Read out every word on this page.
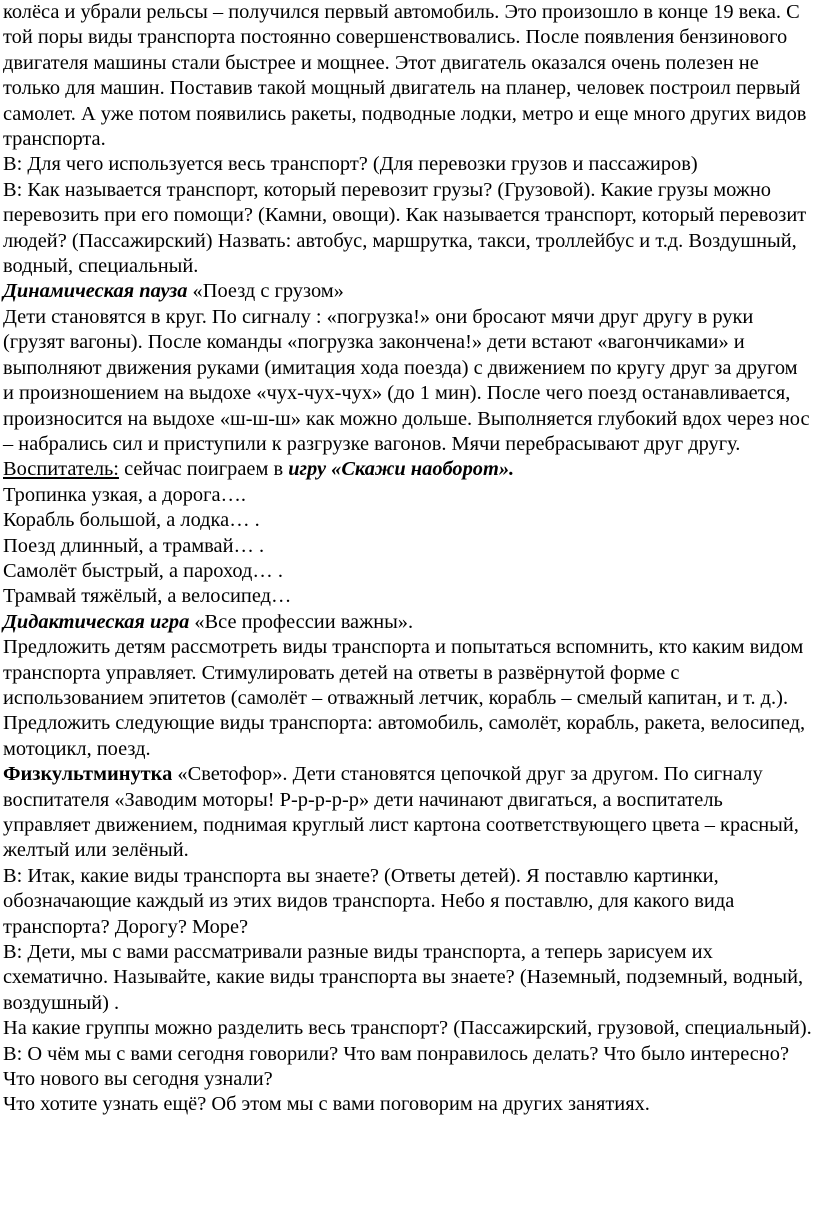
колёса и убрали рельсы – получился первый автомобиль. Это произошло в конце 19 века. С той поры виды транспорта постоянно совершенствовались. После появления бензинового двигателя машины стали быстрее и мощнее. Этот двигатель оказался очень полезен не только для машин. Поставив такой мощный двигатель на планер, человек построил первый самолет. А уже потом появились ракеты, подводные лодки, метро и еще много других видов транспорта.

В: Для чего используется весь транспорт? (Для перевозки грузов и пассажиров)

В: Как называется транспорт, который перевозит грузы? (Грузовой). Какие грузы можно перевозить при его помощи? (Камни, овощи). Как называется транспорт, который перевозит людей? (Пассажирский) Назвать: автобус, маршрутка, такси, троллейбус и т.д. Воздушный, водный, специальный.

Динамическая пауза «Поезд с грузом»

Дети становятся в круг. По сигналу : «погрузка!» они бросают мячи друг другу в руки (грузят вагоны). После команды «погрузка закончена!» дети встают «вагончиками» и выполняют движения руками (имитация хода поезда) с движением по кругу друг за другом и произношением на выдохе «чух-чух-чух» (до 1 мин). После чего поезд останавливается, произносится на выдохе «ш-ш-ш» как можно дольше. Выполняется глубокий вдох через нос – набрались сил и приступили к разгрузке вагонов. Мячи перебрасывают друг другу.

Воспитатель: сейчас поиграем в игру «Скажи наоборот».

Тропинка узкая, а дорога….

Корабль большой, а лодка… .

Поезд длинный, а трамвай… .

Самолёт быстрый, а пароход… .

Трамвай тяжёлый, а велосипед…

Дидактическая игра «Все профессии важны».

Предложить детям рассмотреть виды транспорта и попытаться вспомнить, кто каким видом транспорта управляет. Стимулировать детей на ответы в развёрнутой форме с использованием эпитетов (самолёт – отважный летчик, корабль – смелый капитан, и т. д.). Предложить следующие виды транспорта: автомобиль, самолёт, корабль, ракета, велосипед, мотоцикл, поезд.

Физкультминутка «Светофор». Дети становятся цепочкой друг за другом. По сигналу воспитателя «Заводим моторы! Р-р-р-р-р» дети начинают двигаться, а воспитатель управляет движением, поднимая круглый лист картона соответствующего цвета – красный, желтый или зелёный.

В: Итак, какие виды транспорта вы знаете? (Ответы детей). Я поставлю картинки, обозначающие каждый из этих видов транспорта. Небо я поставлю, для какого вида транспорта? Дорогу? Море?

В: Дети, мы с вами рассматривали разные виды транспорта, а теперь зарисуем их схематично. Называйте, какие виды транспорта вы знаете? (Наземный, подземный, водный, воздушный) .

На какие группы можно разделить весь транспорт? (Пассажирский, грузовой, специальный).

В: О чём мы с вами сегодня говорили? Что вам понравилось делать? Что было интересно? Что нового вы сегодня узнали?

Что хотите узнать ещё? Об этом мы с вами поговорим на других занятиях.
